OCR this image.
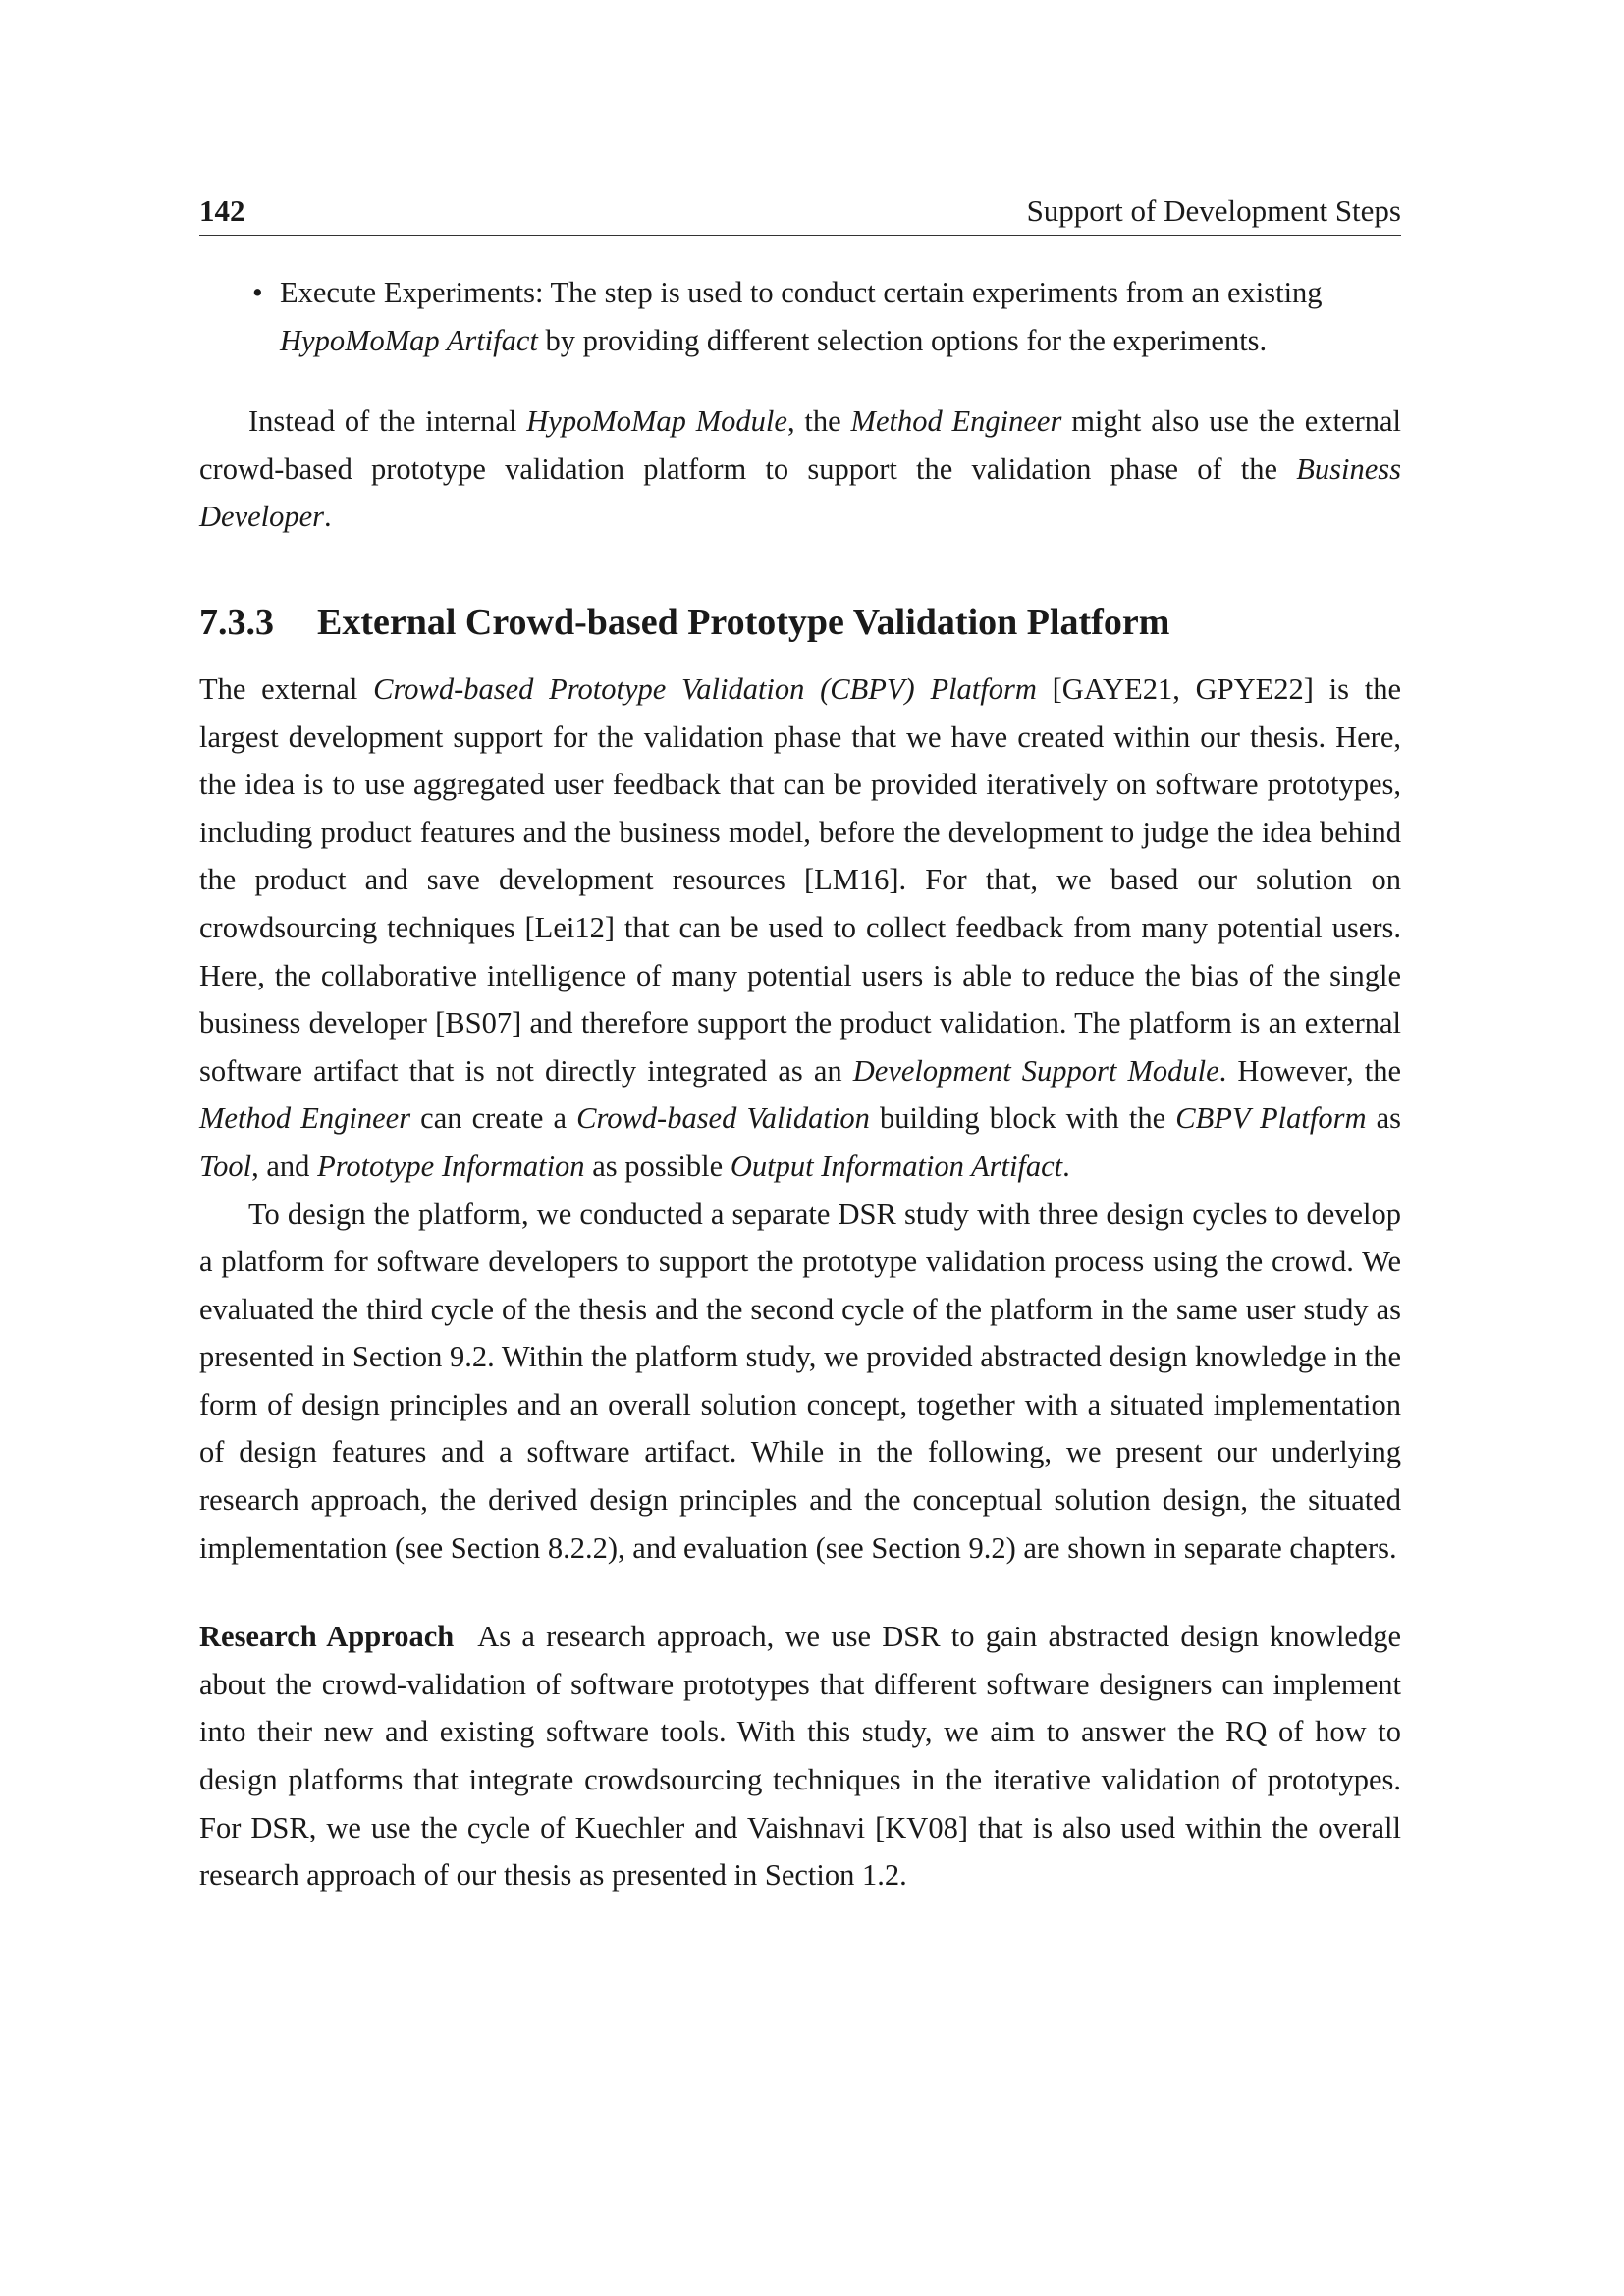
142	Support of Development Steps
• Execute Experiments: The step is used to conduct certain experiments from an existing HypoMoMap Artifact by providing different selection options for the experiments.

Instead of the internal HypoMoMap Module, the Method Engineer might also use the external crowd-based prototype validation platform to support the validation phase of the Business Developer.

7.3.3 External Crowd-based Prototype Validation Platform

The external Crowd-based Prototype Validation (CBPV) Platform [GAYE21, GPYE22] is the largest development support for the validation phase that we have created within our thesis. Here, the idea is to use aggregated user feedback that can be provided iteratively on software prototypes, including product features and the business model, before the development to judge the idea behind the product and save development resources [LM16]. For that, we based our solution on crowdsourcing techniques [Lei12] that can be used to collect feedback from many potential users. Here, the collaborative intelligence of many potential users is able to reduce the bias of the single business developer [BS07] and therefore support the product validation. The platform is an external software artifact that is not directly integrated as an Development Support Module. However, the Method Engineer can create a Crowd-based Validation building block with the CBPV Platform as Tool, and Prototype Information as possible Output Information Artifact.

To design the platform, we conducted a separate DSR study with three design cycles to develop a platform for software developers to support the prototype validation process using the crowd. We evaluated the third cycle of the thesis and the second cycle of the platform in the same user study as presented in Section 9.2. Within the platform study, we provided abstracted design knowledge in the form of design principles and an overall solution concept, together with a situated implementation of design features and a software artifact. While in the following, we present our underlying research approach, the derived design principles and the conceptual solution design, the situated implementation (see Section 8.2.2), and evaluation (see Section 9.2) are shown in separate chapters.

Research Approach As a research approach, we use DSR to gain abstracted design knowledge about the crowd-validation of software prototypes that different software designers can implement into their new and existing software tools. With this study, we aim to answer the RQ of how to design platforms that integrate crowdsourcing techniques in the iterative validation of prototypes. For DSR, we use the cycle of Kuechler and Vaishnavi [KV08] that is also used within the overall research approach of our thesis as presented in Section 1.2.
